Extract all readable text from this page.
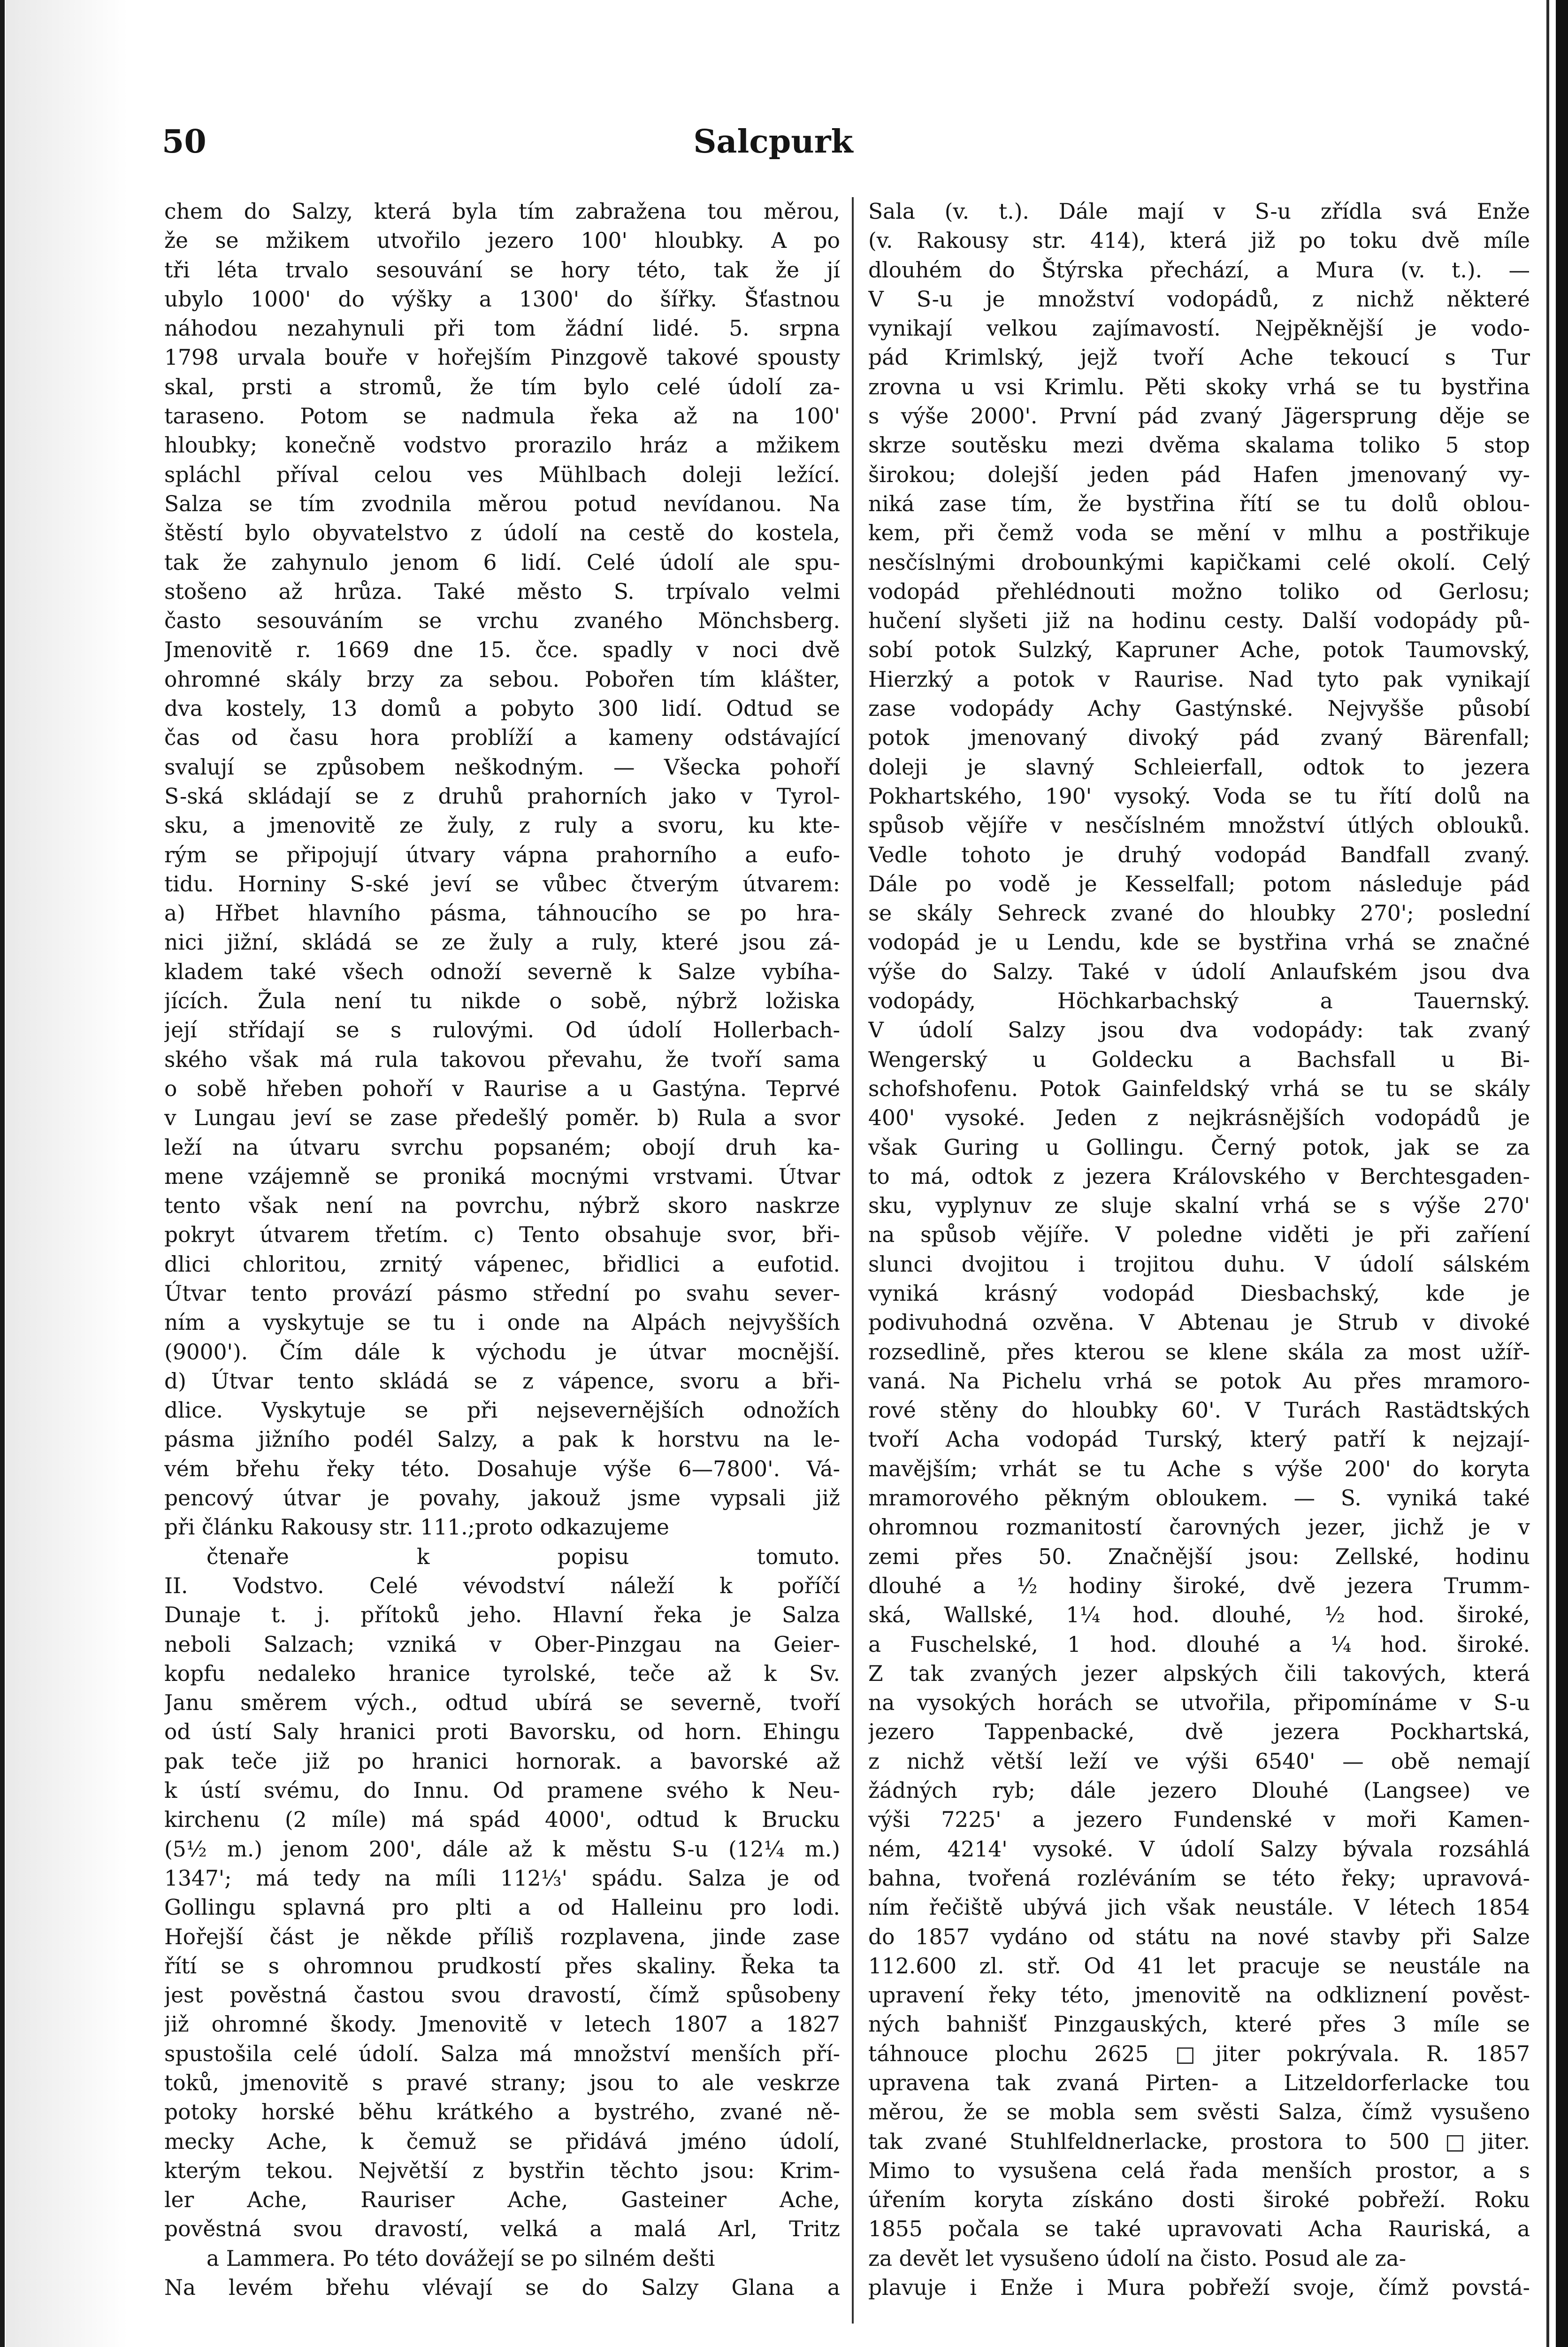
50	Salcpurk
chem do Salzy, která byla tím zabražena tou měrou,
že se mžikem utvořilo jezero 100' hloubky. A po
tři léta trvalo sesouvání se hory této, tak že jí
ubylo 1000' do výšky a 1300' do šířky. Šťastnou
náhodou nezahynuli při tom žádní lidé. 5. srpna
1798 urvala bouře v hořejším Pinzgově takové spousty
skal, prsti a stromů, že tím bylo celé údolí za-
taraseno. Potom se nadmula řeka až na 100'
hloubky; konečně vodstvo prorazilo hráz a mžikem
spláchl příval celou ves Mühlbach doleji ležící.
Salza se tím zvodnila měrou potud nevídanou. Na
štěstí bylo obyvatelstvo z údolí na cestě do kostela,
tak že zahynulo jenom 6 lidí. Celé údolí ale spu-
stošeno až hrůza. Také město S. trpívalo velmi
často sesouváním se vrchu zvaného Mönchsberg.
Jmenovitě r. 1669 dne 15. čce. spadly v noci dvě
ohromné skály brzy za sebou. Pobořen tím klášter,
dva kostely, 13 domů a pobyto 300 lidí. Odtud se
čas od času hora problíží a kameny odstávající
svalují se způsobem neškodným. — Všecka pohoří
S-ská skládají se z druhů prahorních jako v Tyrol-
sku, a jmenovitě ze žuly, z ruly a svoru, ku kte-
rým se připojují útvary vápna prahorního a eufo-
tidu. Horniny S-ské jeví se vůbec čtverým útvarem:
a) Hřbet hlavního pásma, táhnoucího se po hra-
nici jižní, skládá se ze žuly a ruly, které jsou zá-
kladem také všech odnoží severně k Salze vybíha-
jících. Žula není tu nikde o sobě, nýbrž ložiska
její střídají se s rulovými. Od údolí Hollerbach-
ského však má rula takovou převahu, že tvoří sama
o sobě hřeben pohoří v Raurise a u Gastýna. Teprvé
v Lungau jeví se zase předešlý poměr. b) Rula a svor
leží na útvaru svrchu popsaném; obojí druh ka-
mene vzájemně se proniká mocnými vrstvami. Útvar
tento však není na povrchu, nýbrž skoro naskrze
pokryt útvarem třetím. c) Tento obsahuje svor, bři-
dlici chloritou, zrnitý vápenec, břidlici a eufotid.
Útvar tento provází pásmo střední po svahu sever-
ním a vyskytuje se tu i onde na Alpách nejvyšších
(9000'). Čím dále k východu je útvar mocnější.
d) Útvar tento skládá se z vápence, svoru a bři-
dlice. Vyskytuje se při nejsevernějších odnožích
pásma jižního podél Salzy, a pak k horstvu na le-
vém břehu řeky této. Dosahuje výše 6—7800'. Vá-
pencový útvar je povahy, jakouž jsme vypsali již
při článku Rakousy str. 111.;proto odkazujeme
čtenaře k popisu tomuto.
II. Vodstvo. Celé vévodství náleží k poříčí
Dunaje t. j. přítoků jeho. Hlavní řeka je Salza
neboli Salzach; vzniká v Ober-Pinzgau na Geier-
kopfu nedaleko hranice tyrolské, teče až k Sv.
Janu směrem vých., odtud ubírá se severně, tvoří
od ústí Saly hranici proti Bavorsku, od horn. Ehingu
pak teče již po hranici hornorak. a bavorské až
k ústí svému, do Innu. Od pramene svého k Neu-
kirchenu (2 míle) má spád 4000', odtud k Brucku
(5½ m.) jenom 200', dále až k městu S-u (12¼ m.)
1347'; má tedy na míli 112⅓' spádu. Salza je od
Gollingu splavná pro plti a od Halleinu pro lodi.
Hořejší část je někde příliš rozplavena, jinde zase
řítí se s ohromnou prudkostí přes skaliny. Řeka ta
jest pověstná častou svou dravostí, čímž spůsobeny
již ohromné škody. Jmenovitě v letech 1807 a 1827
spustošila celé údolí. Salza má množství menších pří-
toků, jmenovitě s pravé strany; jsou to ale veskrze
potoky horské běhu krátkého a bystrého, zvané ně-
mecky Ache, k čemuž se přidává jméno údolí,
kterým tekou. Největší z bystřin těchto jsou: Krim-
ler Ache, Rauriser Ache, Gasteiner Ache,
pověstná svou dravostí, velká a malá Arl, Tritz
a Lammera. Po této dovážejí se po silném dešti
Na levém břehu vlévají se do Salzy Glana a
Sala (v. t.). Dále mají v S-u zřídla svá Enže
(v. Rakousy str. 414), která již po toku dvě míle
dlouhém do Štýrska přechází, a Mura (v. t.). —
V S-u je množství vodopádů, z nichž některé
vynikají velkou zajímavostí. Nejpěknější je vodo-
pád Krimlský, jejž tvoří Ache tekoucí s Tur
zrovna u vsi Krimlu. Pěti skoky vrhá se tu bystřina
s výše 2000'. První pád zvaný Jägersprung děje se
skrze soutěsku mezi dvěma skalama toliko 5 stop
širokou; dolejší jeden pád Hafen jmenovaný vy-
niká zase tím, že bystřina řítí se tu dolů oblou-
kem, při čemž voda se mění v mlhu a postřikuje
nesčíslnými drobounkými kapičkami celé okolí. Celý
vodopád přehlédnouti možno toliko od Gerlosu;
hučení slyšeti již na hodinu cesty. Další vodopády pů-
sobí potok Sulzký, Kapruner Ache, potok Taumovský,
Hierzký a potok v Raurise. Nad tyto pak vynikají
zase vodopády Achy Gastýnské. Nejvyšše působí
potok jmenovaný divoký pád zvaný Bärenfall;
doleji je slavný Schleierfall, odtok to jezera
Pokhartského, 190' vysoký. Voda se tu řítí dolů na
spůsob vějíře v nesčíslném množství útlých oblouků.
Vedle tohoto je druhý vodopád Bandfall zvaný.
Dále po vodě je Kesselfall; potom následuje pád
se skály Sehreck zvané do hloubky 270'; poslední
vodopád je u Lendu, kde se bystřina vrhá se značné
výše do Salzy. Také v údolí Anlaufském jsou dva
vodopády, Höchkarbachský a Tauernský.
V údolí Salzy jsou dva vodopády: tak zvaný
Wengerský u Goldecku a Bachsfall u Bi-
schofshofenu. Potok Gainfeldský vrhá se tu se skály
400' vysoké. Jeden z nejkrásnějších vodopádů je
však Guring u Gollingu. Černý potok, jak se za
to má, odtok z jezera Královského v Berchtesgaden-
sku, vyplynuv ze sluje skalní vrhá se s výše 270'
na spůsob vějíře. V poledne viděti je při zaříení
slunci dvojitou i trojitou duhu. V údolí sálském
vyniká krásný vodopád Diesbachský, kde je
podivuhodná ozvěna. V Abtenau je Strub v divoké
rozsedlině, přes kterou se klene skála za most užíř-
vaná. Na Pichelu vrhá se potok Au přes mramoro-
rové stěny do hloubky 60'. V Turách Rastädtských
tvoří Acha vodopád Turský, který patří k nejzají-
mavějším; vrhát se tu Ache s výše 200' do koryta
mramorového pěkným obloukem. — S. vyniká také
ohromnou rozmanitostí čarovných jezer, jichž je v
zemi přes 50. Značnější jsou: Zellské, hodinu
dlouhé a ½ hodiny široké, dvě jezera Trumm-
ská, Wallské, 1¼ hod. dlouhé, ½ hod. široké,
a Fuschelské, 1 hod. dlouhé a ¼ hod. široké.
Z tak zvaných jezer alpských čili takových, která
na vysokých horách se utvořila, připomínáme v S-u
jezero Tappenbacké, dvě jezera Pockhartská,
z nichž větší leží ve výši 6540' — obě nemají
žádných ryb; dále jezero Dlouhé (Langsee) ve
výši 7225' a jezero Fundenské v moři Kamen-
ném, 4214' vysoké. V údolí Salzy bývala rozsáhlá
bahna, tvořená rozléváním se této řeky; upravová-
ním řečiště ubývá jich však neustále. V létech 1854
do 1857 vydáno od státu na nové stavby při Salze
112.600 zl. stř. Od 41 let pracuje se neustále na
upravení řeky této, jmenovitě na odkliznení pověst-
ných bahnišť Pinzgauských, které přes 3 míle se
táhnouce plochu 2625 □jiter pokrývala. R. 1857
upravena tak zvaná Pirten- a Litzeldorferlacke tou
měrou, že se mobla sem svěsti Salza, čímž vysušeno
tak zvané Stuhlfeldnerlacke, prostora to 500□jiter.
Mimo to vysušena celá řada menších prostor, a s
úřením koryta získáno dosti široké pobřeží. Roku
1855 počala se také upravovati Acha Rauriská, a
za devět let vysušeno údolí na čisto. Posud ale za-
plavuje i Enže i Mura pobřeží svoje, čímž povstá-
